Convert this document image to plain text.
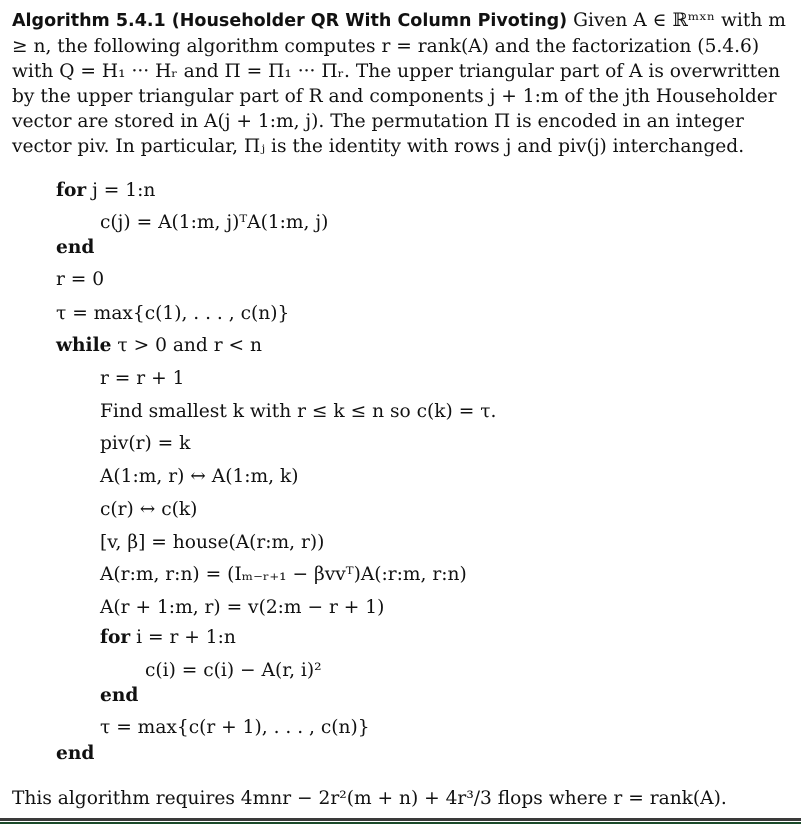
Algorithm 5.4.1 (Householder QR With Column Pivoting) Given A ∈ ℝᵐˣⁿ with m ≥ n, the following algorithm computes r = rank(A) and the factorization (5.4.6) with Q = H₁ ··· Hᵣ and Π = Π₁ ··· Πᵣ. The upper triangular part of A is overwritten by the upper triangular part of R and components j + 1:m of the jth Householder vector are stored in A(j + 1:m, j). The permutation Π is encoded in an integer vector piv. In particular, Πⱼ is the identity with rows j and piv(j) interchanged.
for j = 1:n
c(j) = A(1:m, j)ᵀA(1:m, j)
end
r = 0
τ = max{c(1), . . . , c(n)}
while τ > 0 and r < n
r = r + 1
Find smallest k with r ≤ k ≤ n so c(k) = τ.
piv(r) = k
A(1:m, r) ↔ A(1:m, k)
c(r) ↔ c(k)
[v, β] = house(A(r:m, r))
A(r:m, r:n) = (Iₘ₋ᵣ₊₁ − βvvᵀ)A(:r:m, r:n)
A(r + 1:m, r) = v(2:m − r + 1)
for i = r + 1:n
c(i) = c(i) − A(r, i)²
end
τ = max{c(r + 1), . . . , c(n)}
end
This algorithm requires 4mnr − 2r²(m + n) + 4r³/3 flops where r = rank(A).
